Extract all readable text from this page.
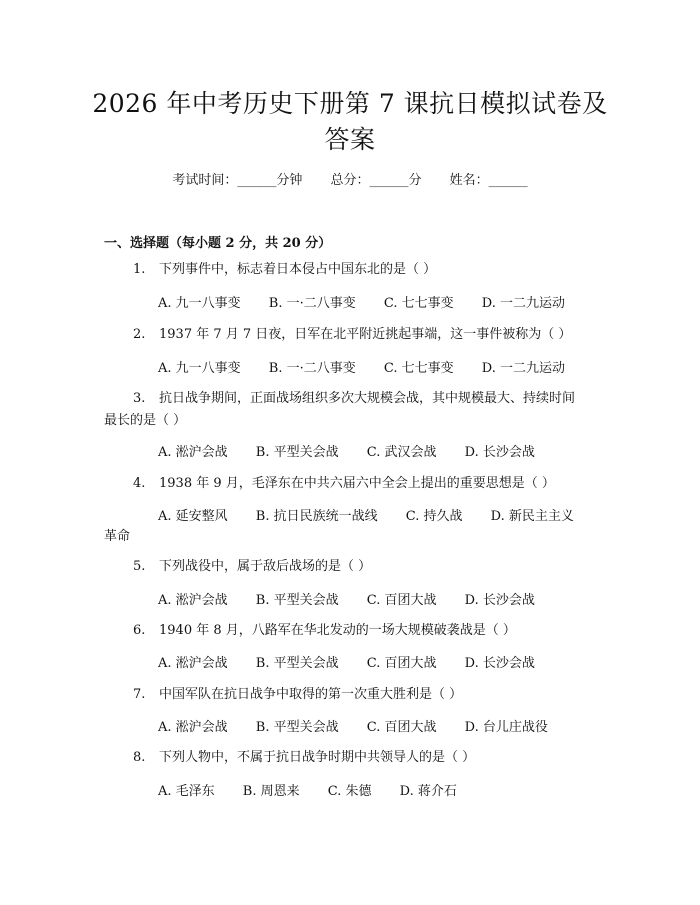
2026 年中考历史下册第 7 课抗日模拟试卷及
答案
考试时间：______分钟 总分：______分 姓名：______
一、选择题（每小题 2 分，共 20 分）
1.	下列事件中，标志着日本侵占中国东北的是（ ）
A. 九一八事变 B. 一·二八事变 C. 七七事变 D. 一二九运动
2.	1937 年 7 月 7 日夜，日军在北平附近挑起事端，这一事件被称为（ ）
A. 九一八事变 B. 一·二八事变 C. 七七事变 D. 一二九运动
3.	抗日战争期间，正面战场组织多次大规模会战，其中规模最大、持续时间
最长的是（ ）
A. 淞沪会战 B. 平型关会战 C. 武汉会战 D. 长沙会战
4.	1938 年 9 月，毛泽东在中共六届六中全会上提出的重要思想是（ ）
A. 延安整风 B. 抗日民族统一战线 C. 持久战 D. 新民主主义
革命
5.	下列战役中，属于敌后战场的是（ ）
A. 淞沪会战 B. 平型关会战 C. 百团大战 D. 长沙会战
6.	1940 年 8 月，八路军在华北发动的一场大规模破袭战是（ ）
A. 淞沪会战 B. 平型关会战 C. 百团大战 D. 长沙会战
7.	中国军队在抗日战争中取得的第一次重大胜利是（ ）
A. 淞沪会战 B. 平型关会战 C. 百团大战 D. 台儿庄战役
8.	下列人物中，不属于抗日战争时期中共领导人的是（ ）
A. 毛泽东 B. 周恩来 C. 朱德 D. 蒋介石
